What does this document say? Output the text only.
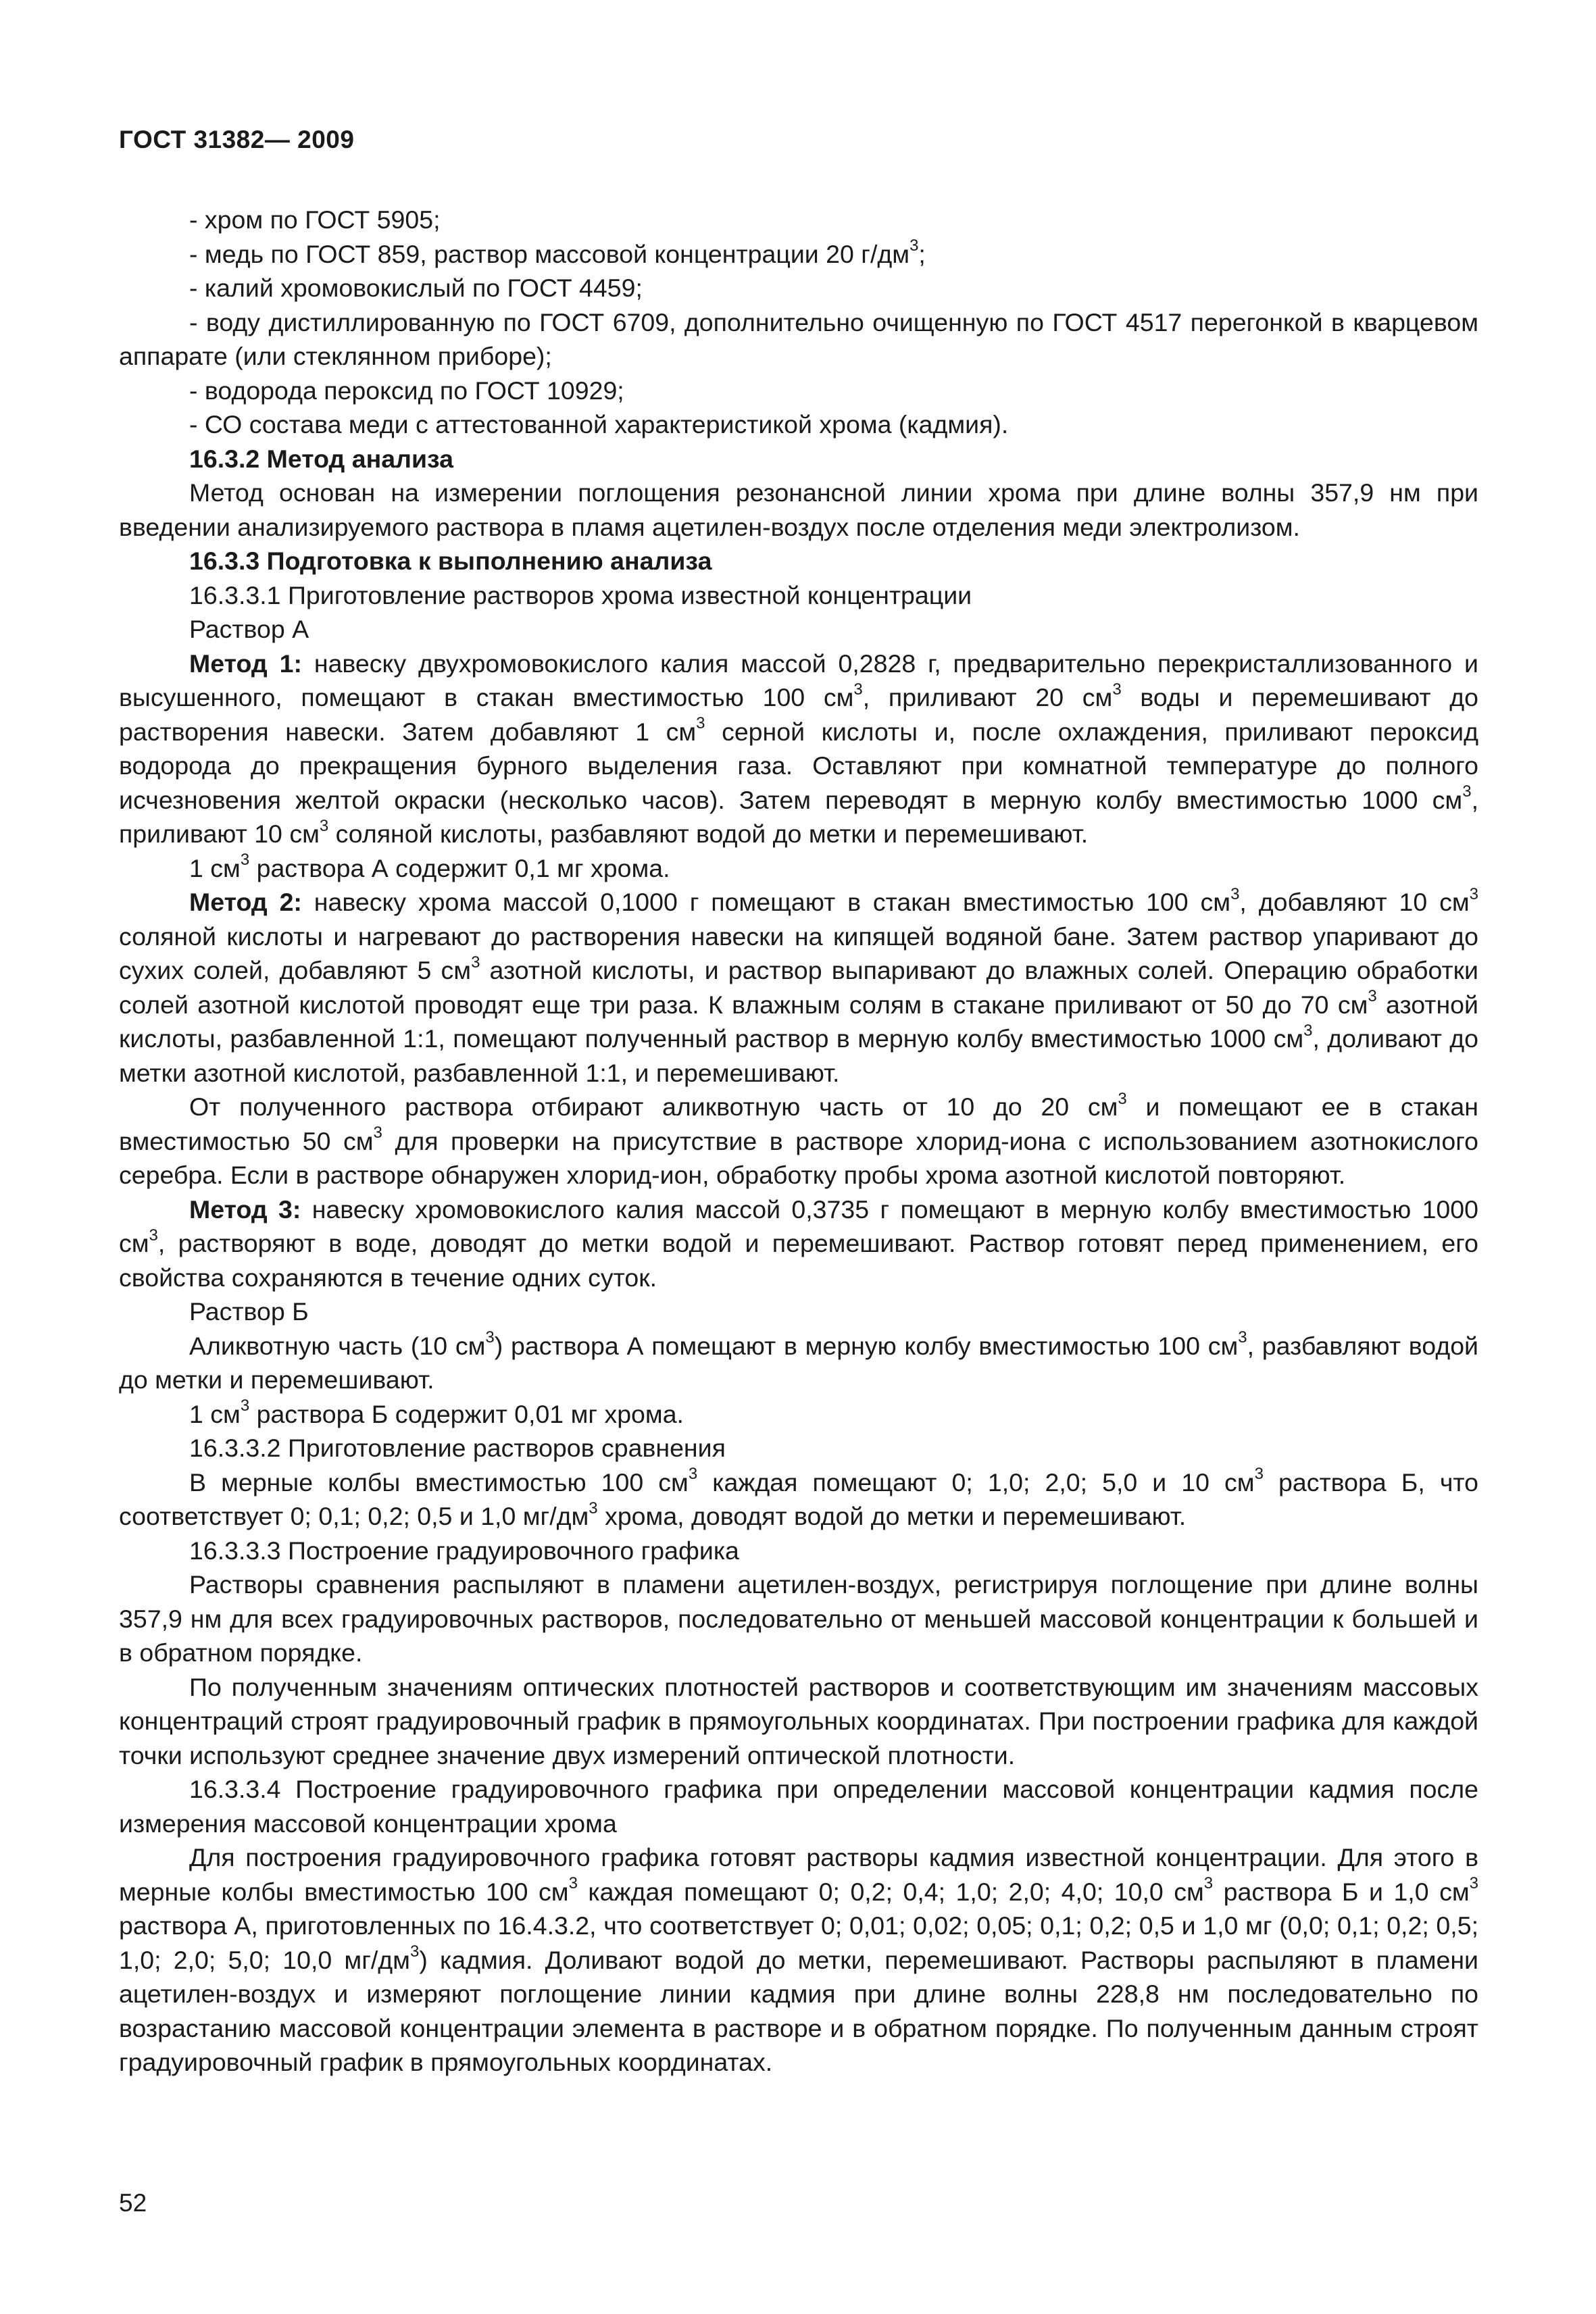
ГОСТ 31382— 2009

- хром по ГОСТ 5905;

- медь по ГОСТ 859, раствор массовой концентрации 20 $г/дм^3$;

- калий хромовокислый по ГОСТ 4459;

- воду дистиллированную по ГОСТ 6709, дополнительно очищенную по ГОСТ 4517 перегонкой в кварцевом аппарате (или стеклянном приборе);

- водорода пероксид по ГОСТ 10929;

- СО состава меди с аттестованной характеристикой хрома (кадмия).

16.3.2 Метод анализа

Метод основан на измерении поглощения резонансной линии хрома при длине волны 357,9 нм при введении анализируемого раствора в пламя ацетилен-воздух после отделения меди электролизом.

16.3.3 Подготовка к выполнению анализа

16.3.3.1 Приготовление растворов хрома известной концентрации

Раствор А

Метод 1: навеску двухромовокислого калия массой 0,2828 г, предварительно перекристаллизованного и высушенного, помещают в стакан вместимостью 100 $см^3$, приливают 20 $см^3$ воды и перемешивают до растворения навески. Затем добавляют 1 $см^3$ серной кислоты и, после охлаждения, приливают пероксид водорода до прекращения бурного выделения газа. Оставляют при комнатной температуре до полного исчезновения желтой окраски (несколько часов). Затем переводят в мерную колбу вместимостью 1000 $см^3$, приливают 10 $см^3$ соляной кислоты, разбавляют водой до метки и перемешивают.

1 $см^3$ раствора А содержит 0,1 мг хрома.

Метод 2: навеску хрома массой 0,1000 г помещают в стакан вместимостью 100 $см^3$, добавляют 10 $см^3$ соляной кислоты и нагревают до растворения навески на кипящей водяной бане. Затем раствор упаривают до сухих солей, добавляют 5 $см^3$ азотной кислоты, и раствор выпаривают до влажных солей. Операцию обработки солей азотной кислотой проводят еще три раза. К влажным солям в стакане приливают от 50 до 70 $см^3$ азотной кислоты, разбавленной 1:1, помещают полученный раствор в мерную колбу вместимостью 1000 $см^3$, доливают до метки азотной кислотой, разбавленной 1:1, и перемешивают.

От полученного раствора отбирают аликвотную часть от 10 до 20 $см^3$ и помещают ее в стакан вместимостью 50 $см^3$ для проверки на присутствие в растворе хлорид-иона с использованием азотнокислого серебра. Если в растворе обнаружен хлорид-ион, обработку пробы хрома азотной кислотой повторяют.

Метод 3: навеску хромовокислого калия массой 0,3735 г помещают в мерную колбу вместимостью 1000 $см^3$, растворяют в воде, доводят до метки водой и перемешивают. Раствор готовят перед применением, его свойства сохраняются в течение одних суток.

Раствор Б

Аликвотную часть (10 $см^3$) раствора А помещают в мерную колбу вместимостью 100 $см^3$, разбавляют водой до метки и перемешивают.

1 $см^3$ раствора Б содержит 0,01 мг хрома.

16.3.3.2 Приготовление растворов сравнения

В мерные колбы вместимостью 100 $см^3$ каждая помещают 0; 1,0; 2,0; 5,0 и 10 $см^3$ раствора Б, что соответствует 0; 0,1; 0,2; 0,5 и 1,0 $мг/дм^3$ хрома, доводят водой до метки и перемешивают.

16.3.3.3 Построение градуировочного графика

Растворы сравнения распыляют в пламени ацетилен-воздух, регистрируя поглощение при длине волны 357,9 нм для всех градуировочных растворов, последовательно от меньшей массовой концентрации к большей и в обратном порядке.

По полученным значениям оптических плотностей растворов и соответствующим им значениям массовых концентраций строят градуировочный график в прямоугольных координатах. При построении графика для каждой точки используют среднее значение двух измерений оптической плотности.

16.3.3.4 Построение градуировочного графика при определении массовой концентрации кадмия после измерения массовой концентрации хрома

Для построения градуировочного графика готовят растворы кадмия известной концентрации. Для этого в мерные колбы вместимостью 100 $см^3$ каждая помещают 0; 0,2; 0,4; 1,0; 2,0; 4,0; 10,0 $см^3$ раствора Б и 1,0 $см^3$ раствора А, приготовленных по 16.4.3.2, что соответствует 0; 0,01; 0,02; 0,05; 0,1; 0,2; 0,5 и 1,0 мг (0,0; 0,1; 0,2; 0,5; 1,0; 2,0; 5,0; 10,0 $мг/дм^3$) кадмия. Доливают водой до метки, перемешивают. Растворы распыляют в пламени ацетилен-воздух и измеряют поглощение линии кадмия при длине волны 228,8 нм последовательно по возрастанию массовой концентрации элемента в растворе и в обратном порядке. По полученным данным строят градуировочный график в прямоугольных координатах.

52
